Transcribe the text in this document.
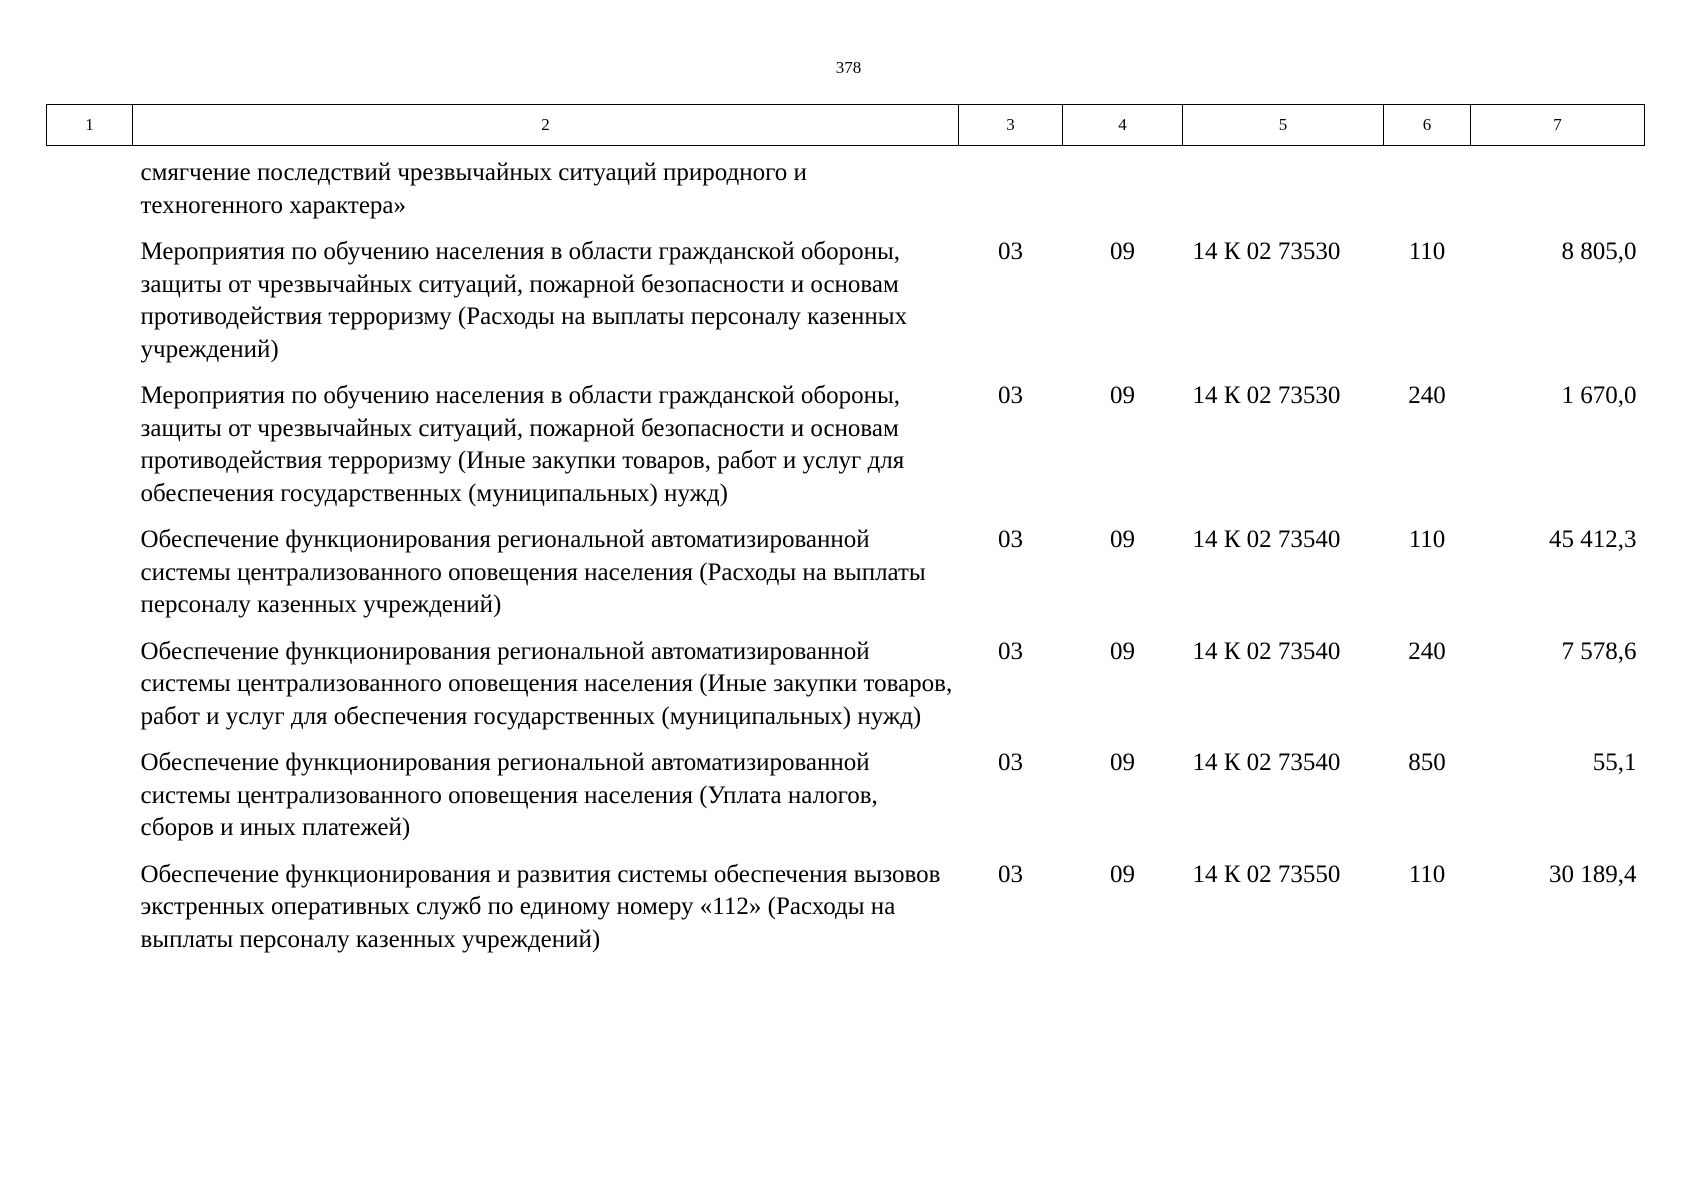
378
1	2	3	4	5	6	7
смягчение последствий чрезвычайных ситуаций природного и техногенного характера»						
Мероприятия по обучению населения в области гражданской обороны, защиты от чрезвычайных ситуаций, пожарной безопасности и основам противодействия терроризму (Расходы на выплаты персоналу казенных учреждений)		03	09	14 К 02 73530	110	8 805,0
Мероприятия по обучению населения в области гражданской обороны, защиты от чрезвычайных ситуаций, пожарной безопасности и основам противодействия терроризму (Иные закупки товаров, работ и услуг для обеспечения государственных (муниципальных) нужд)		03	09	14 К 02 73530	240	1 670,0
Обеспечение функционирования региональной автоматизированной системы централизованного оповещения населения (Расходы на выплаты персоналу казенных учреждений)		03	09	14 К 02 73540	110	45 412,3
Обеспечение функционирования региональной автоматизированной системы централизованного оповещения населения (Иные закупки товаров, работ и услуг для обеспечения государственных (муниципальных) нужд)		03	09	14 К 02 73540	240	7 578,6
Обеспечение функционирования региональной автоматизированной системы централизованного оповещения населения (Уплата налогов, сборов и иных платежей)		03	09	14 К 02 73540	850	55,1
Обеспечение функционирования и развития системы обеспечения вызовов экстренных оперативных служб по единому номеру «112» (Расходы на выплаты персоналу казенных учреждений)		03	09	14 К 02 73550	110	30 189,4
